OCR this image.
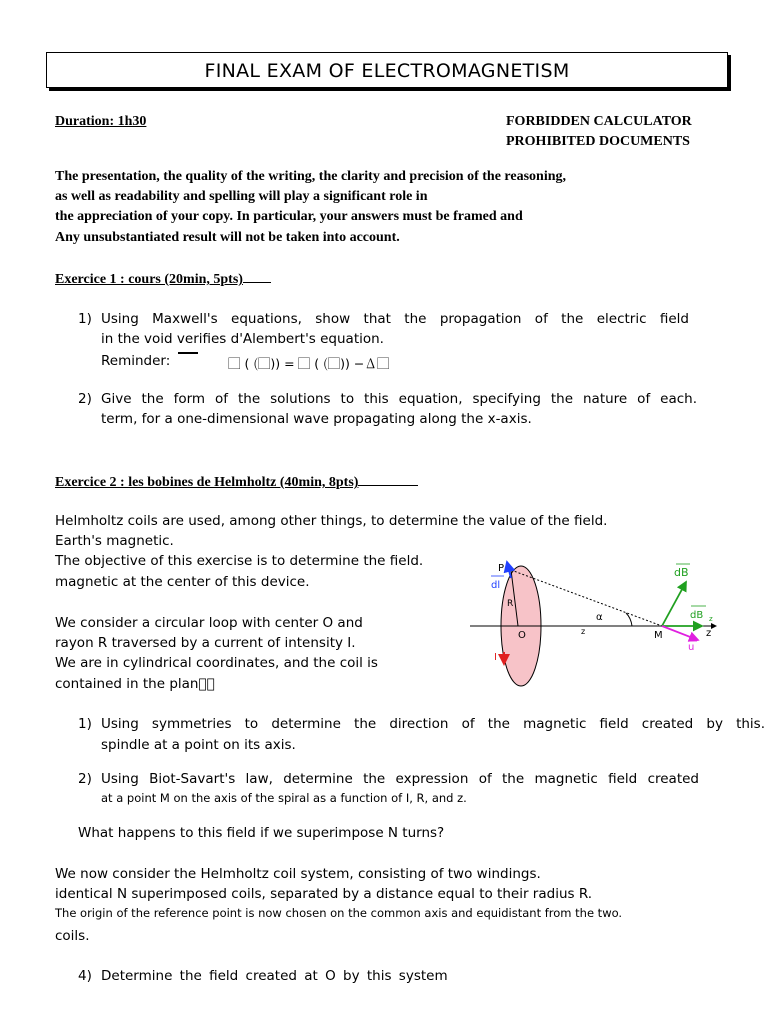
FINAL EXAM OF ELECTROMAGNETISM
Duration: 1h30	FORBIDDEN CALCULATOR
PROHIBITED DOCUMENTS
The presentation, the quality of the writing, the clarity and precision of the reasoning,
as well as readability and spelling will play a significant role in
the appreciation of your copy. In particular, your answers must be framed and
Any unsubstantiated result will not be taken into account.
Exercice 1 : cours (20min, 5pts)
1) Using Maxwell's equations, show that the propagation of the electric field
in the void verifies d'Alembert's equation.
Reminder:	⃞ ( (⃞)) = ⃞ ( (⃞)) −∆⃞
2) Give the form of the solutions to this equation, specifying the nature of each.
term, for a one-dimensional wave propagating along the x-axis.
Exercice 2 : les bobines de Helmholtz (40min, 8pts)
Helmholtz coils are used, among other things, to determine the value of the field.
Earth's magnetic.
The objective of this exercise is to determine the field.
magnetic at the center of this device.
We consider a circular loop with center O and
rayon R traversed by a current of intensity I.
We are in cylindrical coordinates, and the coil is
contained in the plan⃞⃞
P
dl
R
O
I
α
z	M	z
dB
dB z
u
1) Using symmetries to determine the direction of the magnetic field created by this.
spindle at a point on its axis.
2) Using Biot-Savart's law, determine the expression of the magnetic field created
at a point M on the axis of the spiral as a function of I, R, and z.
What happens to this field if we superimpose N turns?
We now consider the Helmholtz coil system, consisting of two windings.
identical N superimposed coils, separated by a distance equal to their radius R.
The origin of the reference point is now chosen on the common axis and equidistant from the two.
coils.
4) Determine the field created at O by this system
